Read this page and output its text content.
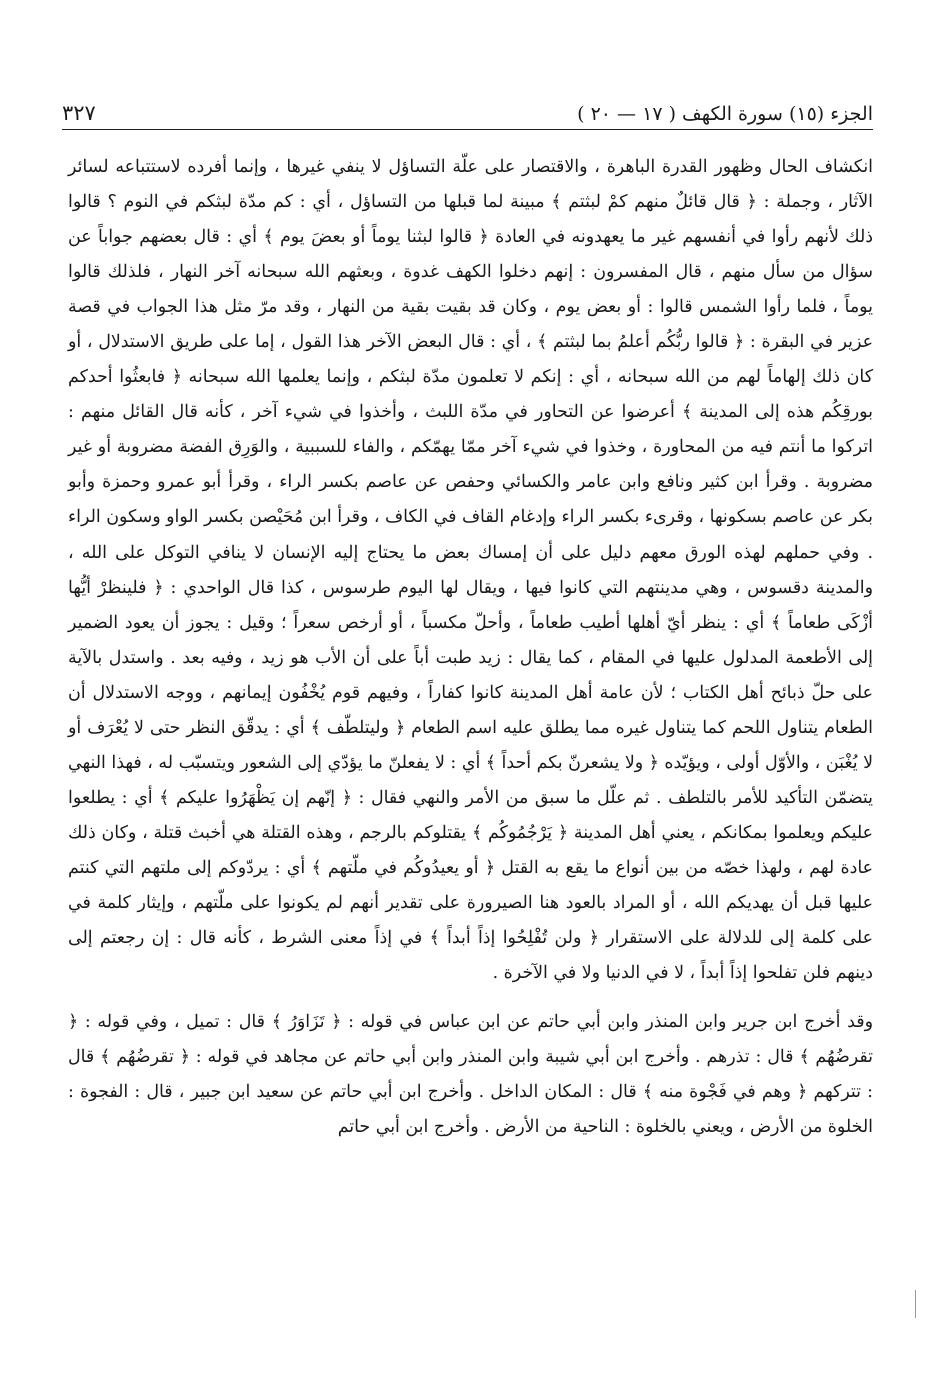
الجزء (١٥) سورة الكهف ( ١٧ — ٢٠ )
٣٢٧

انكشاف الحال وظهور القدرة الباهرة ، والاقتصار على علّة التساؤل لا ينفي غيرها ، وإنما أفرده لاستتباعه لسائر الآثار ، وجملة : ﴿ قال قائلٌ منهم كمْ لبثتم ﴾ مبينة لما قبلها من التساؤل ، أي : كم مدّة لبثكم في النوم ؟ قالوا ذلك لأنهم رأوا في أنفسهم غير ما يعهدونه في العادة ﴿ قالوا لبثنا يوماً أو بعضَ يوم ﴾ أي : قال بعضهم جواباً عن سؤال من سأل منهم ، قال المفسرون : إنهم دخلوا الكهف غدوة ، وبعثهم الله سبحانه آخر النهار ، فلذلك قالوا يوماً ، فلما رأوا الشمس قالوا : أو بعض يوم ، وكان قد بقيت بقية من النهار ، وقد مرّ مثل هذا الجواب في قصة عزير في البقرة : ﴿ قالوا ربُّكُم أعلمُ بما لبثتم ﴾ ، أي : قال البعض الآخر هذا القول ، إما على طريق الاستدلال ، أو كان ذلك إلهاماً لهم من الله سبحانه ، أي : إنكم لا تعلمون مدّة لبثكم ، وإنما يعلمها الله سبحانه ﴿ فابعثُوا أحدكم بورقِكُم هذه إلى المدينة ﴾ أعرضوا عن التحاور في مدّة اللبث ، وأخذوا في شيء آخر ، كأنه قال القائل منهم : اتركوا ما أنتم فيه من المحاورة ، وخذوا في شيء آخر ممّا يهمّكم ، والفاء للسببية ، والوَرِق الفضة مضروبة أو غير مضروبة . وقرأ ابن كثير ونافع وابن عامر والكسائي وحفص عن عاصم بكسر الراء ، وقرأ أبو عمرو وحمزة وأبو بكر عن عاصم بسكونها ، وقرىء بكسر الراء وإدغام القاف في الكاف ، وقرأ ابن مُحَيْصن بكسر الواو وسكون الراء . وفي حملهم لهذه الورق معهم دليل على أن إمساك بعض ما يحتاج إليه الإنسان لا ينافي التوكل على الله ، والمدينة دقسوس ، وهي مدينتهم التي كانوا فيها ، ويقال لها اليوم طرسوس ، كذا قال الواحدي : ﴿ فلينظرْ أيُّها أزْكَى طعاماً ﴾ أي : ينظر أيّ أهلها أطيب طعاماً ، وأحلّ مكسباً ، أو أرخص سعراً ؛ وقيل : يجوز أن يعود الضمير إلى الأطعمة المدلول عليها في المقام ، كما يقال : زيد طبت أباً على أن الأب هو زيد ، وفيه بعد . واستدل بالآية على حلّ ذبائح أهل الكتاب ؛ لأن عامة أهل المدينة كانوا كفاراً ، وفيهم قوم يُخْفُون إيمانهم ، ووجه الاستدلال أن الطعام يتناول اللحم كما يتناول غيره مما يطلق عليه اسم الطعام ﴿ وليتلطّف ﴾ أي : يدقّق النظر حتى لا يُعْرَف أو لا يُغْبَن ، والأوّل أولى ، ويؤيّده ﴿ ولا يشعرنّ بكم أحداً ﴾ أي : لا يفعلنّ ما يؤدّي إلى الشعور ويتسبّب له ، فهذا النهي يتضمّن التأكيد للأمر بالتلطف . ثم علّل ما سبق من الأمر والنهي فقال : ﴿ إنّهم إن يَظْهَرُوا عليكم ﴾ أي : يطلعوا عليكم ويعلموا بمكانكم ، يعني أهل المدينة ﴿ يَرْجُمُوكُم ﴾ يقتلوكم بالرجم ، وهذه القتلة هي أخبث قتلة ، وكان ذلك عادة لهم ، ولهذا خصّه من بين أنواع ما يقع به القتل ﴿ أو يعيدُوكُم في ملّتهم ﴾ أي : يردّوكم إلى ملتهم التي كنتم عليها قبل أن يهديكم الله ، أو المراد بالعود هنا الصيرورة على تقدير أنهم لم يكونوا على ملّتهم ، وإيثار كلمة في على كلمة إلى للدلالة على الاستقرار ﴿ ولن تُفْلِحُوا إذاً أبداً ﴾ في إذاً معنى الشرط ، كأنه قال : إن رجعتم إلى دينهم فلن تفلحوا إذاً أبداً ، لا في الدنيا ولا في الآخرة .

وقد أخرج ابن جرير وابن المنذر وابن أبي حاتم عن ابن عباس في قوله : ﴿ تَزَاوَرُ ﴾ قال : تميل ، وفي قوله : ﴿ تقرضُهُم ﴾ قال : تذرهم . وأخرج ابن أبي شيبة وابن المنذر وابن أبي حاتم عن مجاهد في قوله : ﴿ تقرضُهُم ﴾ قال : تتركهم ﴿ وهم في فَجْوة منه ﴾ قال : المكان الداخل . وأخرج ابن أبي حاتم عن سعيد ابن جبير ، قال : الفجوة : الخلوة من الأرض ، ويعني بالخلوة : الناحية من الأرض . وأخرج ابن أبي حاتم
